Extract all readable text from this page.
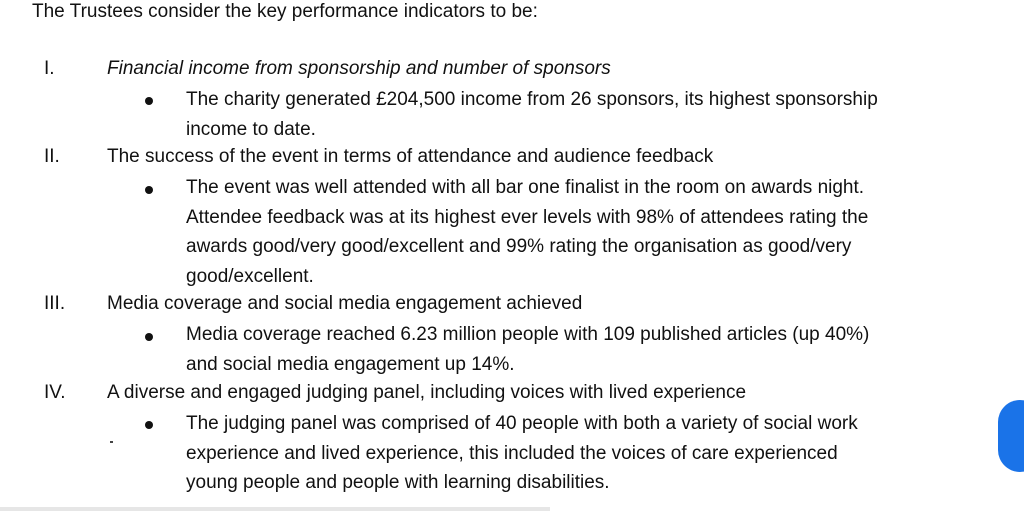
The Trustees consider the key performance indicators to be:
I.	Financial income from sponsorship and number of sponsors
The charity generated £204,500 income from 26 sponsors, its highest sponsorship
income to date.
II. The success of the event in terms of attendance and audience feedback
The event was well attended with all bar one finalist in the room on awards night.
Attendee feedback was at its highest ever levels with 98% of attendees rating the
awards good/very good/excellent and 99% rating the organisation as good/very
good/excellent.
III. Media coverage and social media engagement achieved
Media coverage reached 6.23 million people with 109 published articles (up 40%)
and social media engagement up 14%.
IV. A diverse and engaged judging panel, including voices with lived experience
The judging panel was comprised of 40 people with both a variety of social work
experience and lived experience, this included the voices of care experienced
young people and people with learning disabilities.
